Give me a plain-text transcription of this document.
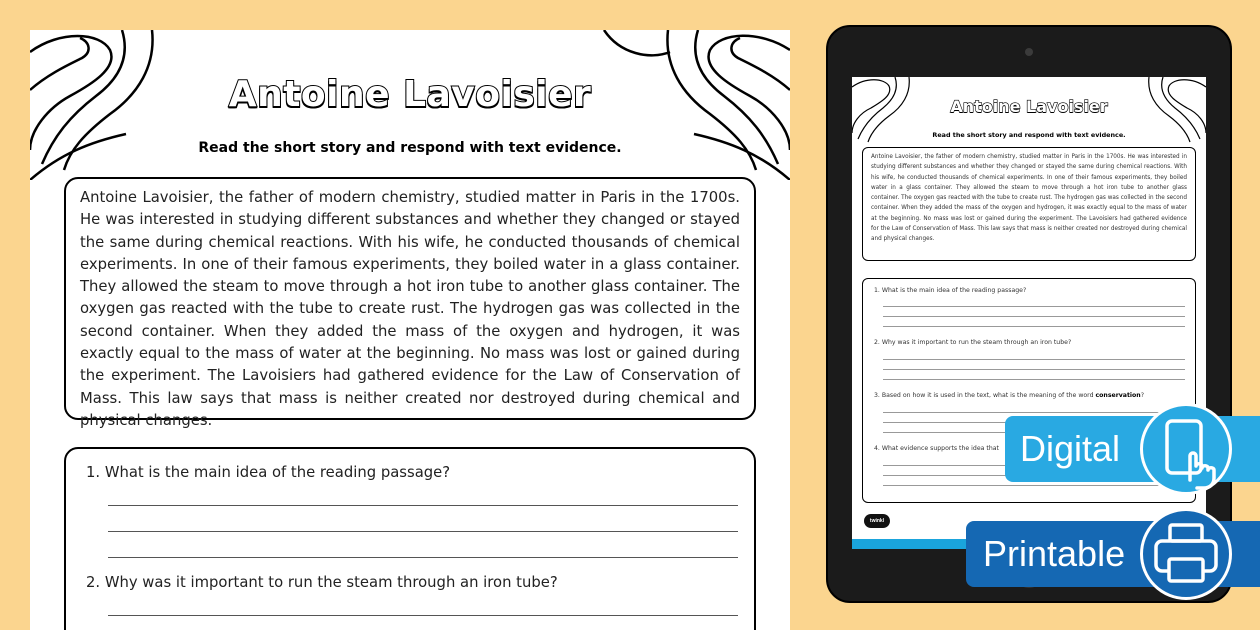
Antoine Lavoisier
Read the short story and respond with text evidence.
Antoine Lavoisier, the father of modern chemistry, studied matter in Paris in the 1700s. He was interested in studying different substances and whether they changed or stayed the same during chemical reactions. With his wife, he conducted thousands of chemical experiments. In one of their famous experiments, they boiled water in a glass container. They allowed the steam to move through a hot iron tube to another glass container. The oxygen gas reacted with the tube to create rust. The hydrogen gas was collected in the second container. When they added the mass of the oxygen and hydrogen, it was exactly equal to the mass of water at the beginning. No mass was lost or gained during the experiment. The Lavoisiers had gathered evidence for the Law of Conservation of Mass. This law says that mass is neither created nor destroyed during chemical and physical changes.
1. What is the main idea of the reading passage?
2. Why was it important to run the steam through an iron tube?
Antoine Lavoisier
Read the short story and respond with text evidence.
Antoine Lavoisier, the father of modern chemistry, studied matter in Paris in the 1700s. He was interested in studying different substances and whether they changed or stayed the same during chemical reactions. With his wife, he conducted thousands of chemical experiments. In one of their famous experiments, they boiled water in a glass container. They allowed the steam to move through a hot iron tube to another glass container. The oxygen gas reacted with the tube to create rust. The hydrogen gas was collected in the second container. When they added the mass of the oxygen and hydrogen, it was exactly equal to the mass of water at the beginning. No mass was lost or gained during the experiment. The Lavoisiers had gathered evidence for the Law of Conservation of Mass. This law says that mass is neither created nor destroyed during chemical and physical changes.
1. What is the main idea of the reading passage?
2. Why was it important to run the steam through an iron tube?
3. Based on how it is used in the text, what is the meaning of the word conservation?
4. What evidence supports the idea that
twinkl
Digital
Printable
